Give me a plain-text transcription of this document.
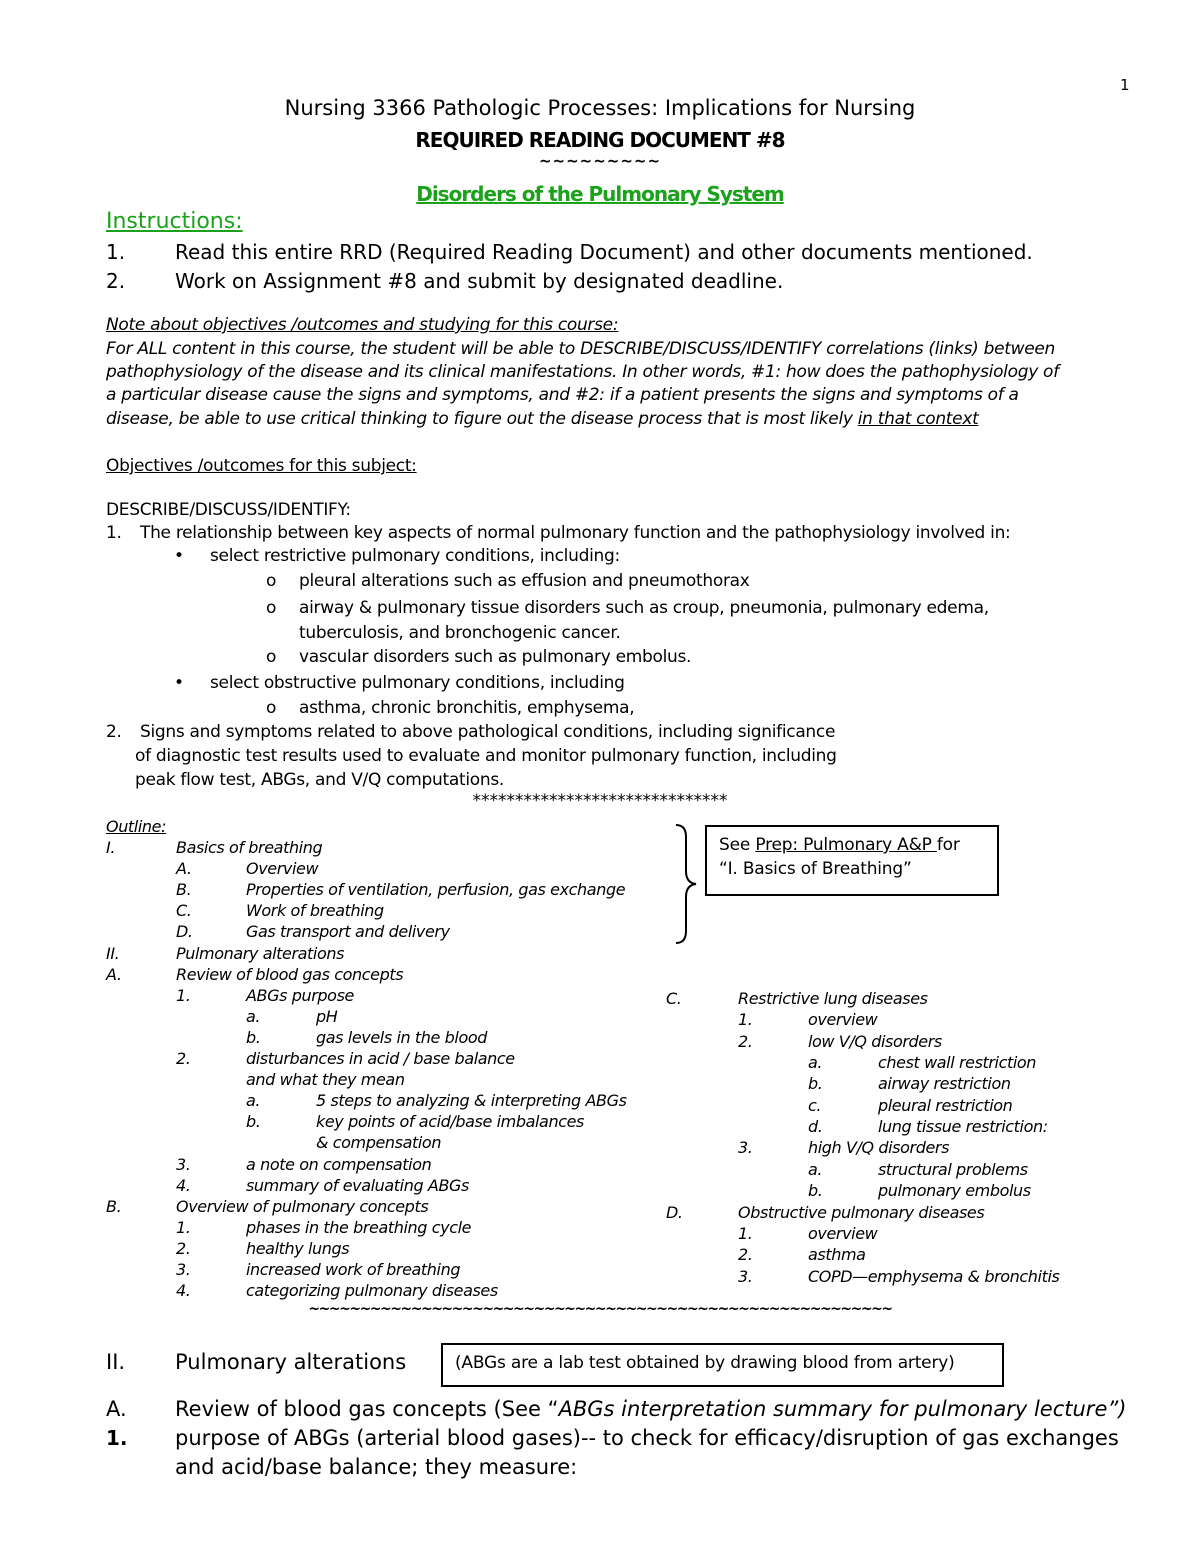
1
Nursing 3366 Pathologic Processes: Implications for Nursing
REQUIRED READING DOCUMENT #8
~~~~~~~~~
Disorders of the Pulmonary System
Instructions:
1. Read this entire RRD (Required Reading Document) and other documents mentioned.
2. Work on Assignment #8 and submit by designated deadline.
Note about objectives /outcomes and studying for this course:
For ALL content in this course, the student will be able to DESCRIBE/DISCUSS/IDENTIFY correlations (links) between
pathophysiology of the disease and its clinical manifestations. In other words, #1: how does the pathophysiology of
a particular disease cause the signs and symptoms, and #2: if a patient presents the signs and symptoms of a
disease, be able to use critical thinking to figure out the disease process that is most likely in that context
Objectives /outcomes for this subject:
DESCRIBE/DISCUSS/IDENTIFY:
1. The relationship between key aspects of normal pulmonary function and the pathophysiology involved in:
• select restrictive pulmonary conditions, including:
o pleural alterations such as effusion and pneumothorax
o airway & pulmonary tissue disorders such as croup, pneumonia, pulmonary edema,
tuberculosis, and bronchogenic cancer.
o vascular disorders such as pulmonary embolus.
• select obstructive pulmonary conditions, including
o asthma, chronic bronchitis, emphysema,
2. Signs and symptoms related to above pathological conditions, including significance
of diagnostic test results used to evaluate and monitor pulmonary function, including
peak flow test, ABGs, and V/Q computations.
******************************
Outline:
I.	Basics of breathing
A.	Overview
B.	Properties of ventilation, perfusion, gas exchange
C.	Work of breathing
D.	Gas transport and delivery
II.	Pulmonary alterations
A.	Review of blood gas concepts
1.	ABGs purpose
a.	pH
b.	gas levels in the blood
2.	disturbances in acid / base balance
and what they mean
a.	5 steps to analyzing & interpreting ABGs
b.	key points of acid/base imbalances
& compensation
3.	a note on compensation
4.	summary of evaluating ABGs
B.	Overview of pulmonary concepts
1.	phases in the breathing cycle
2.	healthy lungs
3.	increased work of breathing
4.	categorizing pulmonary diseases
C.	Restrictive lung diseases
1.	overview
2.	low V/Q disorders
a.	chest wall restriction
b.	airway restriction
c.	pleural restriction
d.	lung tissue restriction:
3.	high V/Q disorders
a.	structural problems
b.	pulmonary embolus
D.	Obstructive pulmonary diseases
1.	overview
2.	asthma
3.	COPD—emphysema & bronchitis
See Prep: Pulmonary A&P for
“I. Basics of Breathing”
~~~~~~~~~~~~~~~~~~~~~~~~~~~~~~~~~~~~~~~~~~~~~~~~~~~~~~~~~
II. Pulmonary alterations	(ABGs are a lab test obtained by drawing blood from artery)
A. Review of blood gas concepts (See “ABGs interpretation summary for pulmonary lecture”)
1. purpose of ABGs (arterial blood gases)-- to check for efficacy/disruption of gas exchanges
and acid/base balance; they measure:
